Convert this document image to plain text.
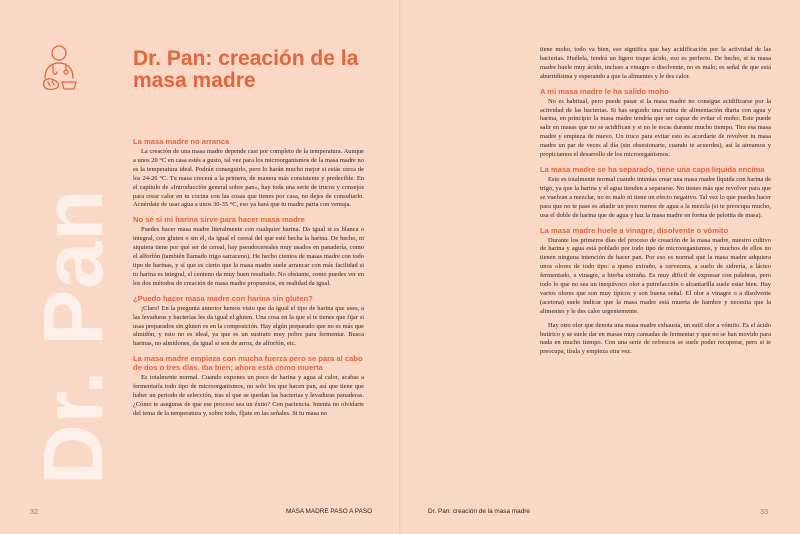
Dr. Pan
Dr. Pan: creación de la masa madre
La masa madre no arranca

La creación de una masa madre depende casi por completo de la temperatura. Aunque a unos 20 °C en casa estés a gusto, tal vez para los microorganismos de la masa madre no es la temperatura ideal. Podrán conseguirlo, pero lo harán mucho mejor si estás cerca de los 24-26 °C. Tu masa crecerá a la primera, de manera más consistente y predecible. En el capítulo de «Introducción general sobre pan», hay toda una serie de trucos y consejos para crear calor en tu cocina con las cosas que tienes por casa, no dejes de consultarlo. Acuérdate de usar agua a unos 30-35 °C, eso ya hará que tu madre parta con ventaja.

No sé si mi harina sirve para hacer masa madre

Puedes hacer masa madre literalmente con cualquier harina. Da igual si es blanca o integral, con gluten o sin él, da igual el cereal del que esté hecha la harina. De hecho, ni siquiera tiene por qué ser de cereal, hay pseudocereales muy usados en panadería, como el alforfón (también llamado trigo sarraceno). He hecho cientos de masas madre con todo tipo de harinas, y sí que es cierto que la masa madre suele arrancar con más facilidad si tu harina es integral, el centeno da muy buen resultado. No obstante, como puedes ver en los dos métodos de creación de masa madre propuestos, en realidad da igual.

¿Puedo hacer masa madre con harina sin gluten?

¡Claro! En la pregunta anterior hemos visto que da igual el tipo de harina que uses, a las levaduras y bacterias les da igual el gluten. Una cosa en la que sí te tienes que fijar si usas preparados sin gluten es en la composición. Hay algún preparado que no es más que almidón, y esto no es ideal, ya que es un sustrato muy pobre para fermentar. Busca harinas, no almidones, da igual si son de arroz, de alforfón, etc.

La masa madre empieza con mucha fuerza pero se para al cabo de dos o tres días. Iba bien; ahora está como muerta

Es totalmente normal. Cuando expones un poco de harina y agua al calor, acabas a fermentarla todo tipo de microorganismos, no solo los que hacen pan, así que tiene que haber un periodo de selección, tras el que se quedan las bacterias y levaduras panaderas. ¿Cómo te aseguras de que ese proceso sea un éxito? Con paciencia. Intenta no olvidarte del tema de la temperatura y, sobre todo, fíjate en las señales. Si tu masa no

tiene moho, todo va bien, eso significa que hay acidificación por la actividad de las bacterias. Huélela, tendrá un ligero toque ácido, eso es perfecto. De hecho, si tu masa madre huele muy ácido, incluso a vinagre o disolvente, no es malo; es señal de que está aburridísima y esperando a que la alimentes y le des calor.

A mi masa madre le ha salido moho

No es habitual, pero puede pasar si la masa madre no consigue acidificarse por la actividad de las bacterias. Si has seguido una rutina de alimentación diaria con agua y harina, en principio la masa madre tendría que ser capaz de evitar el moho. Este puede salir en masas que no se acidifican y si no le tocas durante mucho tiempo. Tira esa masa madre y empieza de nuevo. Un truco para evitar esto es acordarte de revolver tu masa madre un par de veces al día (sin obsesionarte, cuando te acuerdes), así la aireamos y propiciamos el desarrollo de los microorganismos.

La masa madre se ha separado, tiene una capa líquida encima

Esto es totalmente normal cuando intentas crear una masa madre líquida con harina de trigo, ya que la harina y el agua tienden a separarse. No tienes más que revolver para que se vuelvan a mezclar, no es malo ni tiene un efecto negativo. Tal vez lo que puedes hacer para que no te pase es añadir un poco menos de agua a la mezcla (si te preocupa mucho, usa el doble de harina que de agua y haz la masa madre en forma de pelotita de masa).

La masa madre huele a vinagre, disolvente o vómito

Durante los primeros días del proceso de creación de la masa madre, nuestro cultivo de harina y agua está poblado por todo tipo de microorganismos, y muchos de ellos no tienen ninguna intención de hacer pan. Por eso es normal que la masa madre adquiera unos olores de todo tipo: a queso extraño, a cervecera, a suelo de sidrería, a lácteo fermentado, a vinagre, a hierba extraña. Es muy difícil de expresar con palabras, pero todo lo que no sea un inequívoco olor a putrefacción o alcantarilla suele estar bien. Hay varios olores que son muy típicos y son buena señal. El olor a vinagre o a disolvente (acetona) suele indicar que la masa madre está muerta de hambre y necesita que la alimentes y le des calor urgentemente.

Hay otro olor que denota una masa madre exhausta, un sutil olor a vómito. Es el ácido butírico y se suele dar en masas muy cansadas de fermentar y que no se han movido para nada en mucho tiempo. Con una serie de refrescos se suele poder recuperar, pero si te preocupa, tírala y empieza otra vez.

32	MASA MADRE PASO A PASO	Dr. Pan: creación de la masa madre	33
